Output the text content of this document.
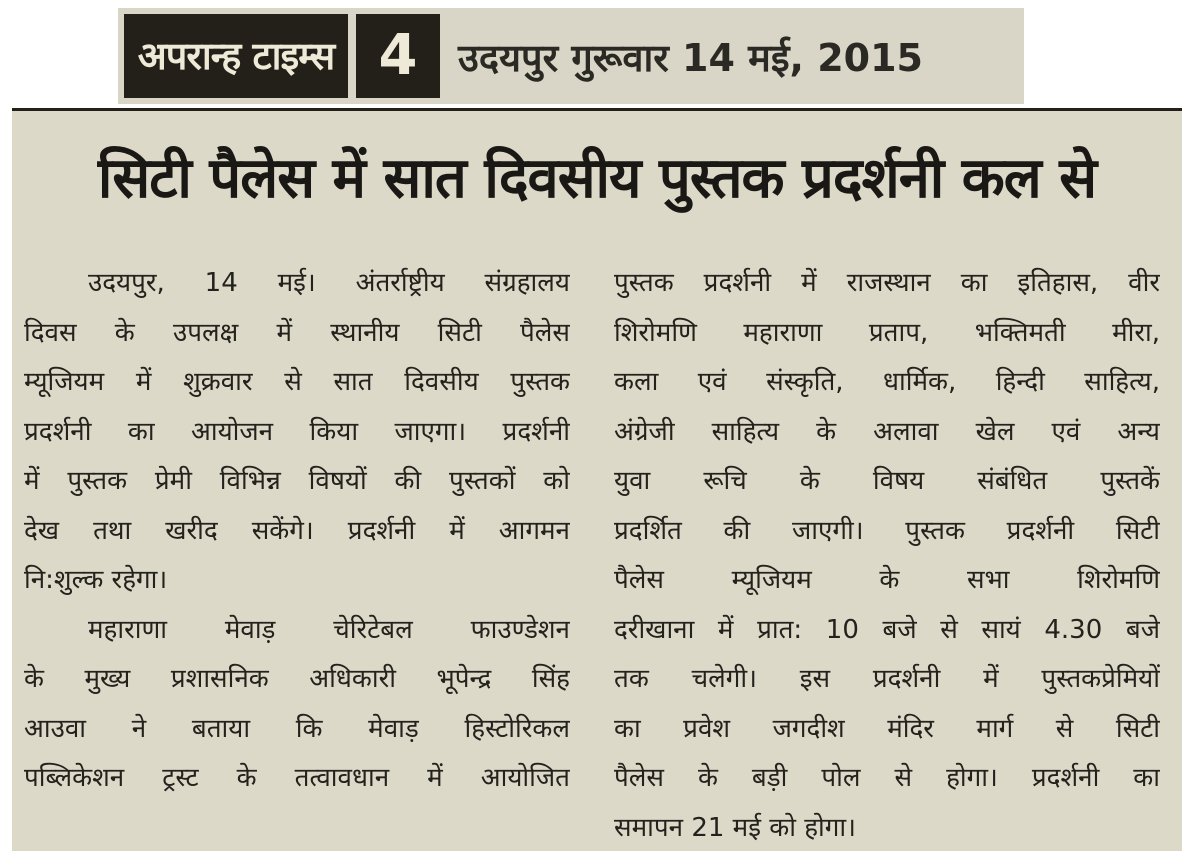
अपरान्ह टाइम्स 4	उदयपुर गुरूवार 14 मई, 2015
सिटी पैलेस में सात दिवसीय पुस्तक प्रदर्शनी कल से
उदयपुर, 14 मई। अंतर्राष्ट्रीय संग्रहालय
दिवस के उपलक्ष में स्थानीय सिटी पैलेस
म्यूजियम में शुक्रवार से सात दिवसीय पुस्तक
प्रदर्शनी का आयोजन किया जाएगा। प्रदर्शनी
में पुस्तक प्रेमी विभिन्न विषयों की पुस्तकों को
देख तथा खरीद सकेंगे। प्रदर्शनी में आगमन
नि:शुल्क रहेगा।
महाराणा मेवाड़ चेरिटेबल फाउण्डेशन
के मुख्य प्रशासनिक अधिकारी भूपेन्द्र सिंह
आउवा ने बताया कि मेवाड़ हिस्टोरिकल
पब्लिकेशन ट्रस्ट के तत्वावधान में आयोजित
पुस्तक प्रदर्शनी में राजस्थान का इतिहास, वीर
शिरोमणि महाराणा प्रताप, भक्तिमती मीरा,
कला एवं संस्कृति, धार्मिक, हिन्दी साहित्य,
अंग्रेजी साहित्य के अलावा खेल एवं अन्य
युवा रूचि के विषय संबंधित पुस्तकें
प्रदर्शित की जाएगी। पुस्तक प्रदर्शनी सिटी
पैलेस म्यूजियम के सभा शिरोमणि
दरीखाना में प्रात: 10 बजे से सायं 4.30 बजे
तक चलेगी। इस प्रदर्शनी में पुस्तकप्रेमियों
का प्रवेश जगदीश मंदिर मार्ग से सिटी
पैलेस के बड़ी पोल से होगा। प्रदर्शनी का
समापन 21 मई को होगा।
